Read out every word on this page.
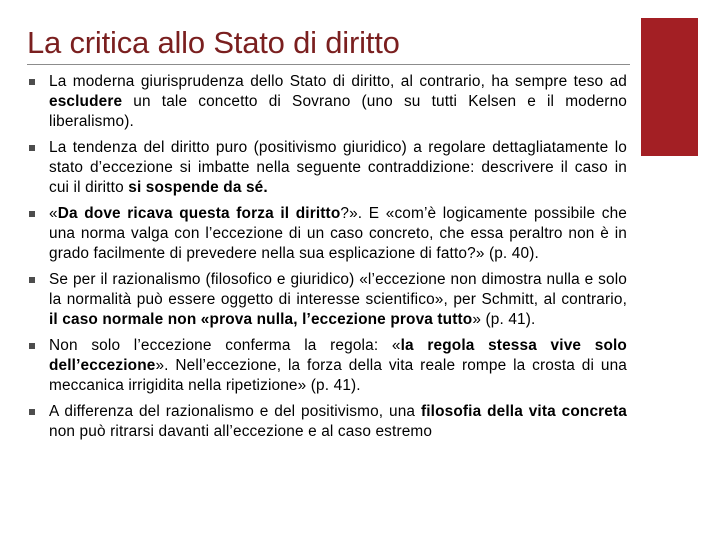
La critica allo Stato di diritto
La moderna giurisprudenza dello Stato di diritto, al contrario, ha sempre teso ad escludere un tale concetto di Sovrano (uno su tutti Kelsen e il moderno liberalismo).
La tendenza del diritto puro (positivismo giuridico) a regolare dettagliatamente lo stato d’eccezione si imbatte nella seguente contraddizione: descrivere il caso in cui il diritto si sospende da sé.
«Da dove ricava questa forza il diritto?». E «com’è logicamente possibile che una norma valga con l’eccezione di un caso concreto, che essa peraltro non è in grado facilmente di prevedere nella sua esplicazione di fatto?» (p. 40).
Se per il razionalismo (filosofico e giuridico) «l’eccezione non dimostra nulla e solo la normalità può essere oggetto di interesse scientifico», per Schmitt, al contrario, il caso normale non «prova nulla, l’eccezione prova tutto» (p. 41).
Non solo l’eccezione conferma la regola: «la regola stessa vive solo dell’eccezione». Nell’eccezione, la forza della vita reale rompe la crosta di una meccanica irrigidita nella ripetizione» (p. 41).
A differenza del razionalismo e del positivismo, una filosofia della vita concreta non può ritrarsi davanti all’eccezione e al caso estremo
